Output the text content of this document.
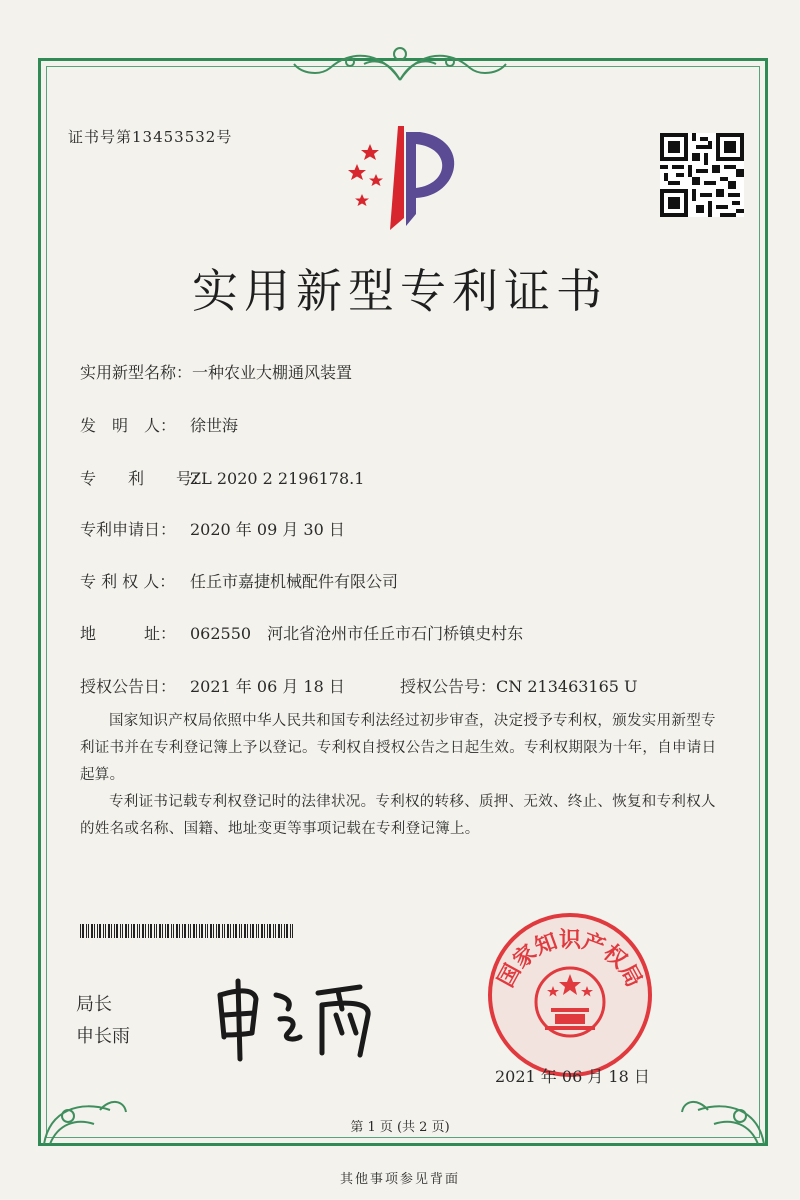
证书号第13453532号
实用新型专利证书
实用新型名称：一种农业大棚通风装置
发　明　人： 徐世海
专　　利　　号：ZL 2020 2 2196178.1
专利申请日： 2020 年 09 月 30 日
专 利 权 人： 任丘市嘉捷机械配件有限公司
地　　　址： 062550　河北省沧州市任丘市石门桥镇史村东
授权公告日： 2021 年 06 月 18 日	授权公告号：CN 213463165 U
国家知识产权局依照中华人民共和国专利法经过初步审查，决定授予专利权，颁发实用新型专利证书并在专利登记簿上予以登记。专利权自授权公告之日起生效。专利权期限为十年，自申请日起算。
专利证书记载专利权登记时的法律状况。专利权的转移、质押、无效、终止、恢复和专利权人的姓名或名称、国籍、地址变更等事项记载在专利登记簿上。
局长
申长雨
国家知识产权局
2021 年 06 月 18 日
第 1 页 (共 2 页)
其他事项参见背面
